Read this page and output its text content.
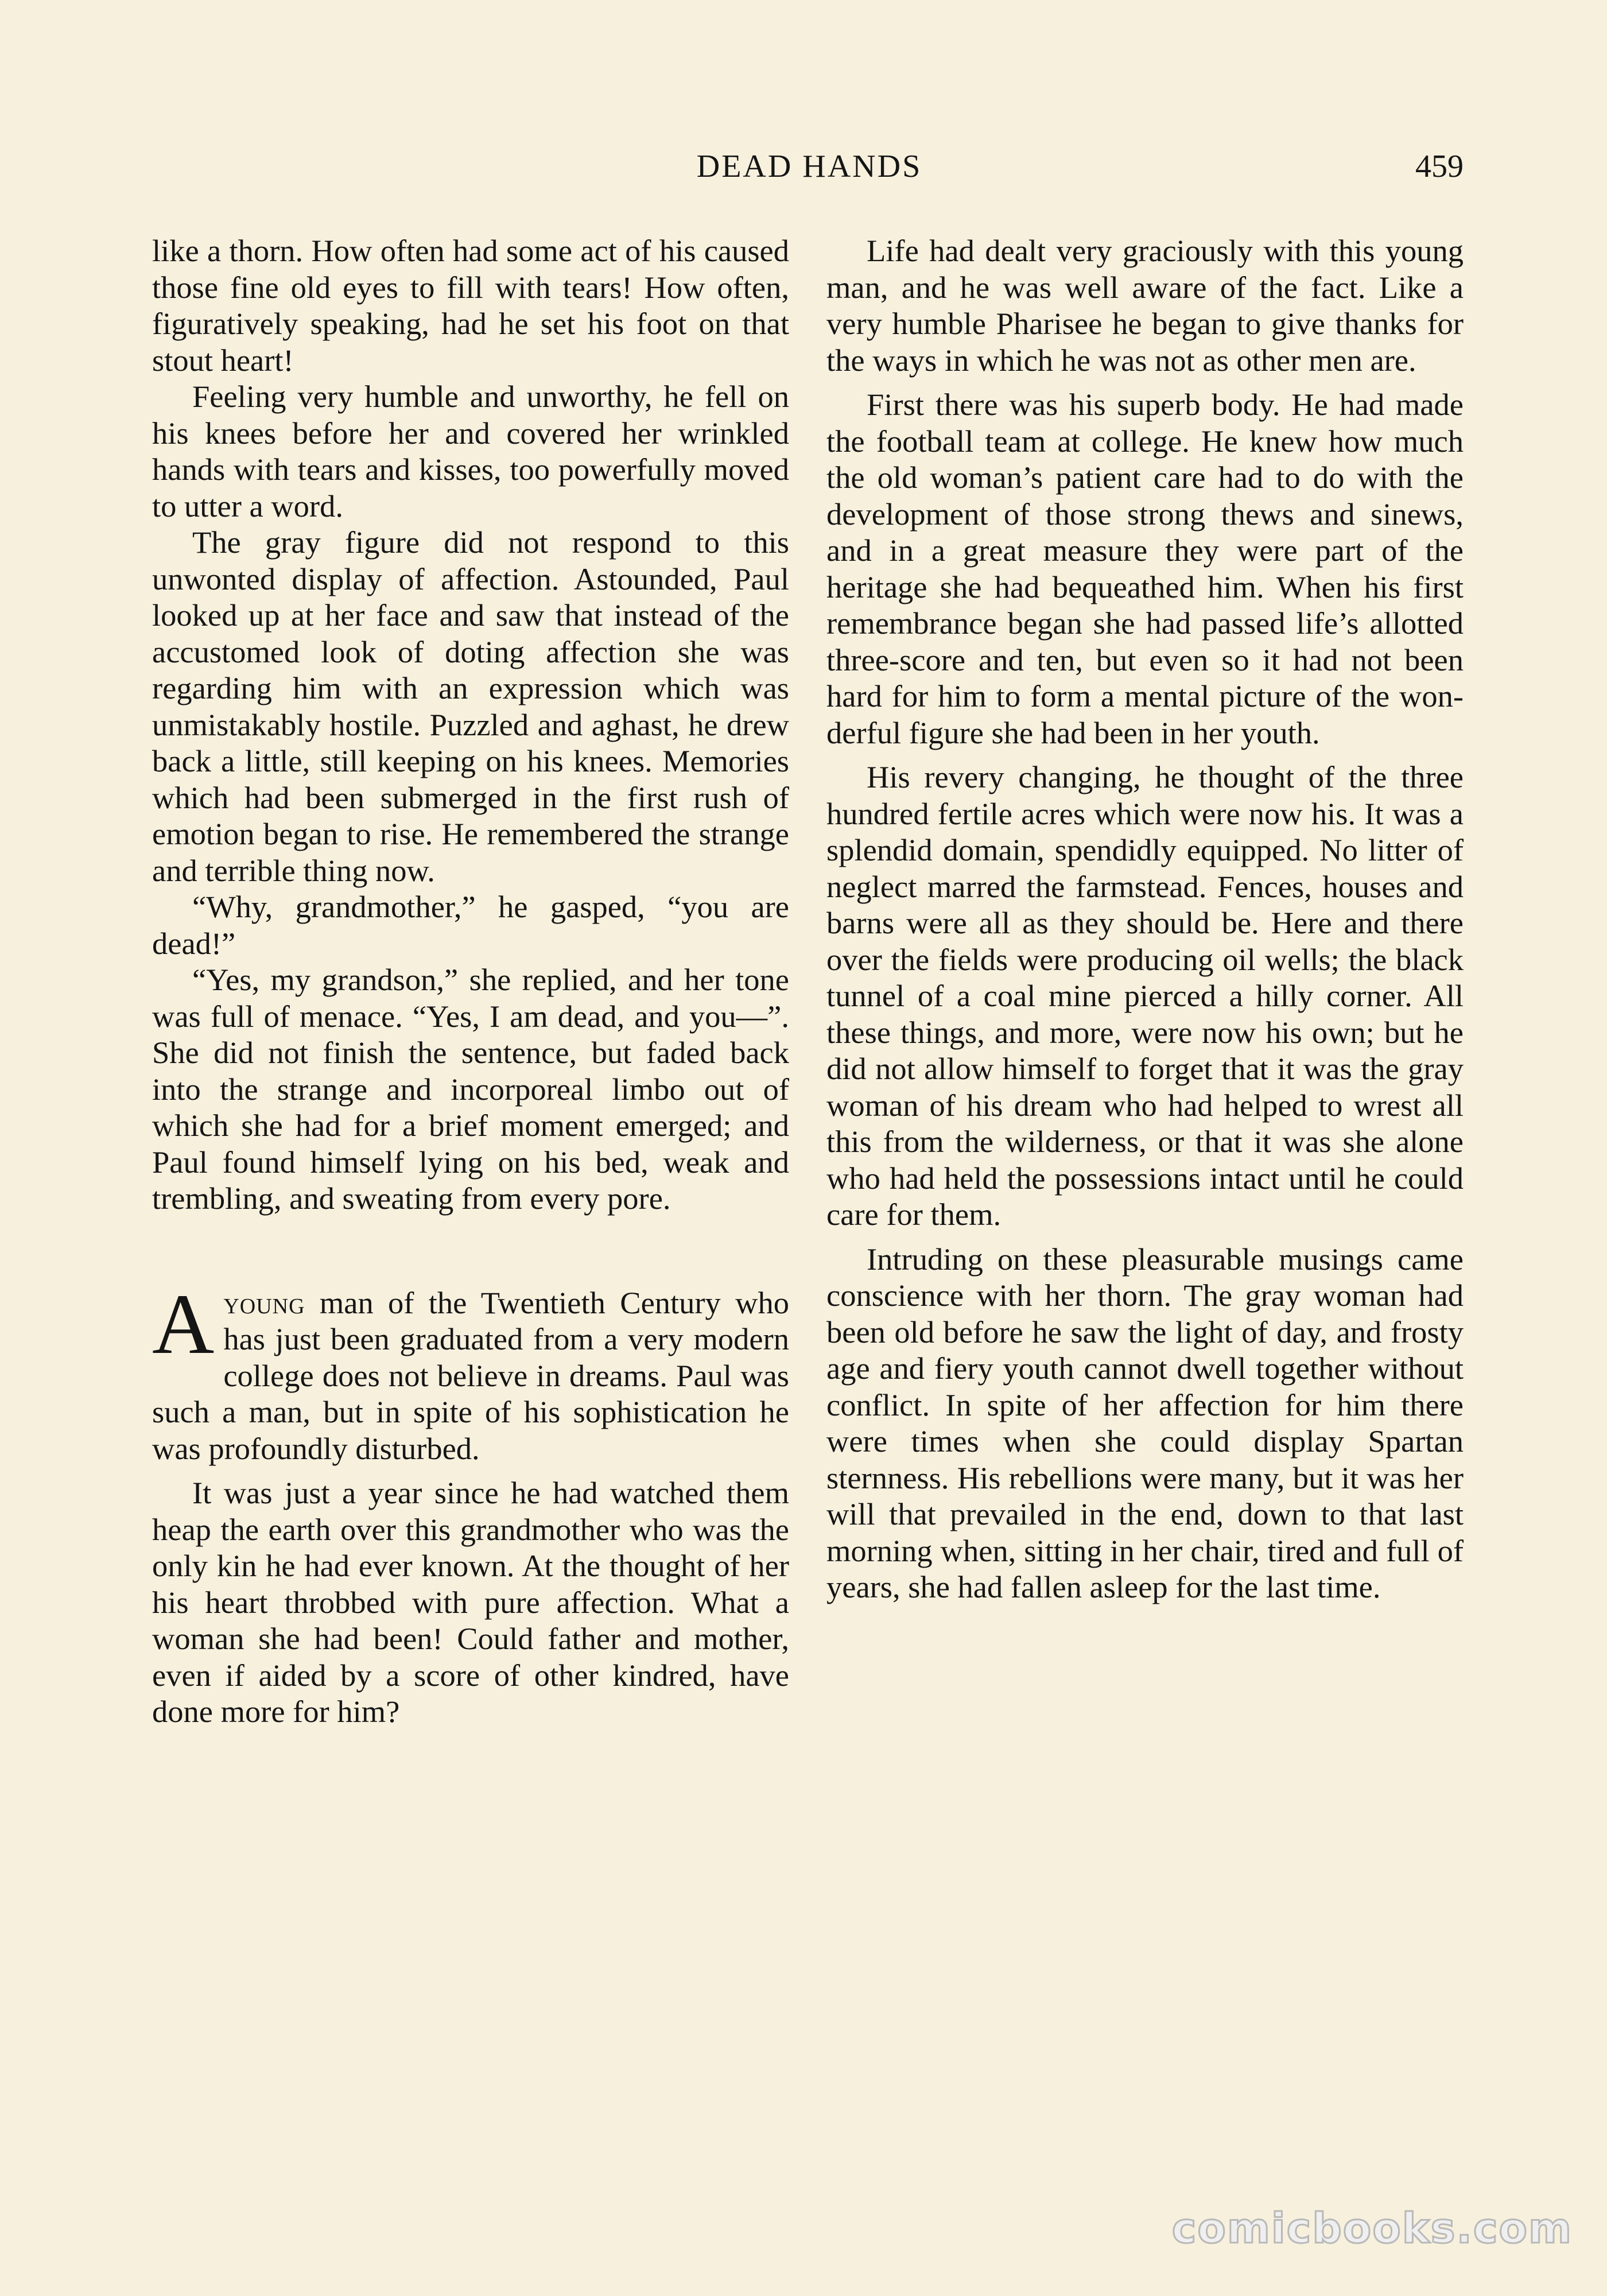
DEAD HANDS	459

like a thorn. How often had some act of his caused those fine old eyes to fill with tears! How often, figuratively speaking, had he set his foot on that stout heart!

Feeling very humble and unworthy, he fell on his knees before her and covered her wrinkled hands with tears and kisses, too powerfully moved to utter a word.

The gray figure did not respond to this unwonted display of affection. Astounded, Paul looked up at her face and saw that instead of the accustomed look of doting affection she was regarding him with an expression which was unmistakably hostile. Puzzled and aghast, he drew back a little, still keeping on his knees. Memories which had been submerged in the first rush of emotion began to rise. He remembered the strange and terrible thing now.

“Why, grandmother,” he gasped, “you are dead!”

“Yes, my grandson,” she replied, and her tone was full of menace. “Yes, I am dead, and you—”. She did not finish the sentence, but faded back into the strange and incorporeal limbo out of which she had for a brief moment emerged; and Paul found himself lying on his bed, weak and trembling, and sweating from every pore.

Ayoung man of the Twentieth Century who has just been graduated from a very modern college does not believe in dreams. Paul was such a man, but in spite of his sophistication he was profoundly disturbed.

It was just a year since he had watched them heap the earth over this grandmother who was the only kin he had ever known. At the thought of her his heart throbbed with pure affection. What a woman she had been! Could father and mother, even if aided by a score of other kindred, have done more for him?

Life had dealt very graciously with this young man, and he was well aware of the fact. Like a very humble Pharisee he began to give thanks for the ways in which he was not as other men are.

First there was his superb body. He had made the football team at college. He knew how much the old woman’s patient care had to do with the development of those strong thews and sinews, and in a great measure they were part of the heritage she had bequeathed him. When his first remembrance began she had passed life’s allotted three-score and ten, but even so it had not been hard for him to form a mental picture of the wonderful figure she had been in her youth.

His revery changing, he thought of the three hundred fertile acres which were now his. It was a splendid domain, spendidly equipped. No litter of neglect marred the farmstead. Fences, houses and barns were all as they should be. Here and there over the fields were producing oil wells; the black tunnel of a coal mine pierced a hilly corner. All these things, and more, were now his own; but he did not allow himself to forget that it was the gray woman of his dream who had helped to wrest all this from the wilderness, or that it was she alone who had held the possessions intact until he could care for them.

Intruding on these pleasurable musings came conscience with her thorn. The gray woman had been old before he saw the light of day, and frosty age and fiery youth cannot dwell together without conflict. In spite of her affection for him there were times when she could display Spartan sternness. His rebellions were many, but it was her will that prevailed in the end, down to that last morning when, sitting in her chair, tired and full of years, she had fallen asleep for the last time.

comicbooks.com
